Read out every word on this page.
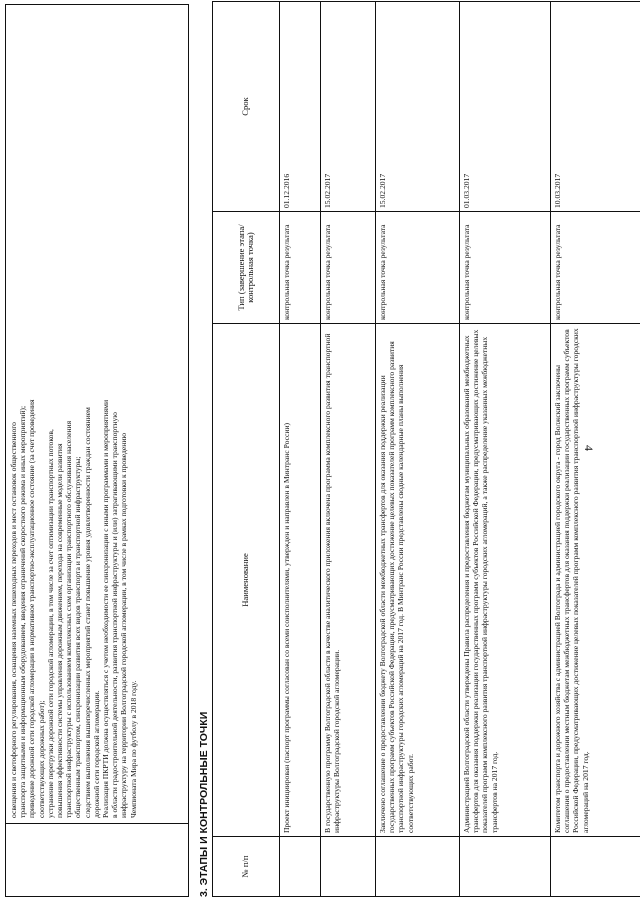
4

освещения и светофорного регулирования, оснащения наземных пешеходных переходов и мест остановок общественного транспорта защитными и информационным оборудованием, введения ограничений скоростного режима и иных мероприятий); приведение дорожной сети городской агломерации в нормативное транспортно-эксплуатационное состояние (за счет проведения соответствующих дорожных работ); устранение перегрузки дорожной сети городской агломерации, в том числе за счет оптимизации транспортных потоков, повышения эффективности системы управления дорожным движением, перехода на современные модели развития транспортной инфраструктуры с использованием комплексных схем организации транспортного обслуживания населения общественным транспортом, синхронизации развития всех видов транспорта и транспортной инфраструктуры; следствием выполнения вышеперечисленных мероприятий станет повышение уровня удовлетворенности граждан состоянием дорожной сети городской агломерации. Реализация ПКРТИ должна осуществляться с учетом необходимости ее синхронизации с иными программами и мероприятиями в области градостроительной деятельности, развития транспортной инфраструктуры и (или) затрагивающими транспортную инфраструктуру на территории Волгоградской городской агломерации, в том числе в рамках подготовки к проведению Чемпионата Мира по футболу в 2018 году.	3. ЭТАПЫ И КОНТРОЛЬНЫЕ ТОЧКИ	№ п/п	Наименование	Тип (завершение этапа/контрольная точка)	Срок
	Проект инициирован (паспорт программы согласован со всеми соисполнителями, утвержден и направлен в Минтранс России)	контрольная точка результата	01.12.2016
	В государственную программу Волгоградской области в качестве аналитического приложения включена программа комплексного развития транспортной инфраструктуры Волгоградской городской агломерации.	контрольная точка результата	15.02.2017
	Заключено соглашение о предоставлении бюджету Волгоградской области межбюджетных трансфертов для оказания поддержки реализации государственных программ субъектов Российской Федерации, предусматривающих достижение целевых показателей программ комплексного развития транспортной инфраструктуры городских агломераций на 2017 год. В Минтранс России представлены сводные календарные планы выполнения соответствующих работ.	контрольная точка результата	15.02.2017
	Администрацией Волгоградской области утверждены Правила распределения и предоставления бюджетам муниципальных образований межбюджетных трансфертов для оказания поддержки реализации государственных программ субъектов Российской Федерации, предусматривающих достижение целевых показателей программ комплексного развития транспортной инфраструктуры городских агломераций, а также распределение указанных межбюджетных трансфертов на 2017 год.	контрольная точка результата	01.03.2017
	Комитетом транспорта и дорожного хозяйства с администрацией Волгограда и администрацией городского округа - город Волжский заключены соглашения о предоставлении местным бюджетам межбюджетных трансфертов для оказания поддержки реализации государственных программ субъектов Российской Федерации, предусматривающих достижение целевых показателей программ комплексного развития транспортной инфраструктуры городских агломераций на 2017 год.	контрольная точка результата	10.03.2017
